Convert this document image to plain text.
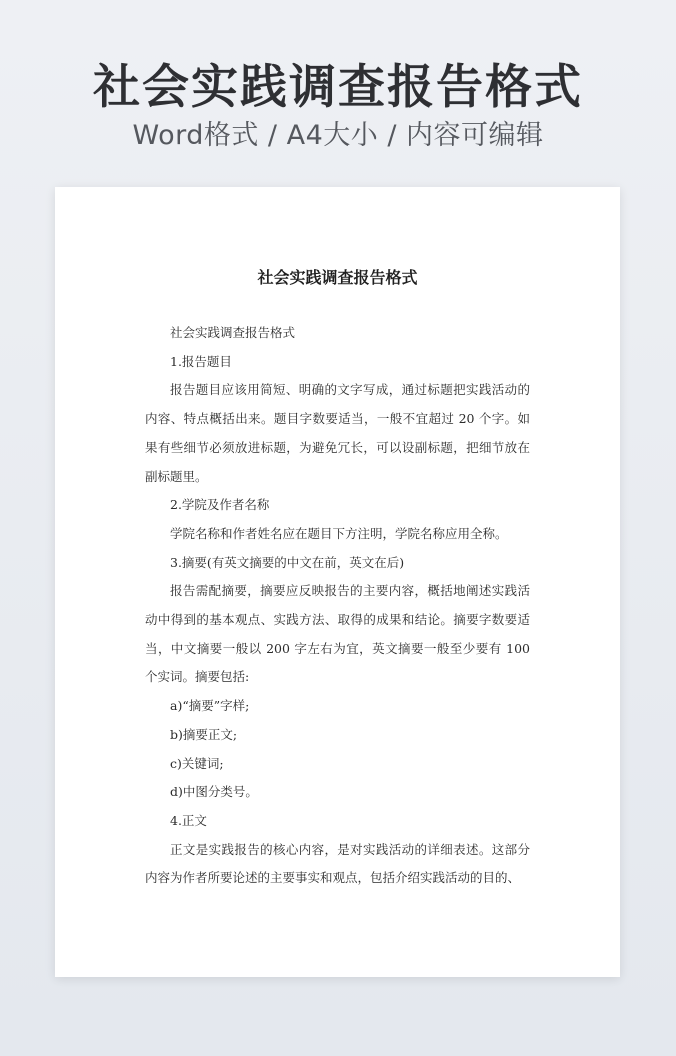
社会实践调查报告格式
Word格式 / A4大小 / 内容可编辑
社会实践调查报告格式

社会实践调查报告格式

1.报告题目

报告题目应该用简短、明确的文字写成，通过标题把实践活动的内容、特点概括出来。题目字数要适当，一般不宜超过 20 个字。如果有些细节必须放进标题，为避免冗长，可以设副标题，把细节放在副标题里。

2.学院及作者名称

学院名称和作者姓名应在题目下方注明，学院名称应用全称。

3.摘要(有英文摘要的中文在前，英文在后)

报告需配摘要，摘要应反映报告的主要内容，概括地阐述实践活动中得到的基本观点、实践方法、取得的成果和结论。摘要字数要适当，中文摘要一般以 200 字左右为宜，英文摘要一般至少要有 100 个实词。摘要包括:

a)“摘要”字样;

b)摘要正文;

c)关键词;

d)中图分类号。

4.正文

正文是实践报告的核心内容，是对实践活动的详细表述。这部分内容为作者所要论述的主要事实和观点，包括介绍实践活动的目的、
